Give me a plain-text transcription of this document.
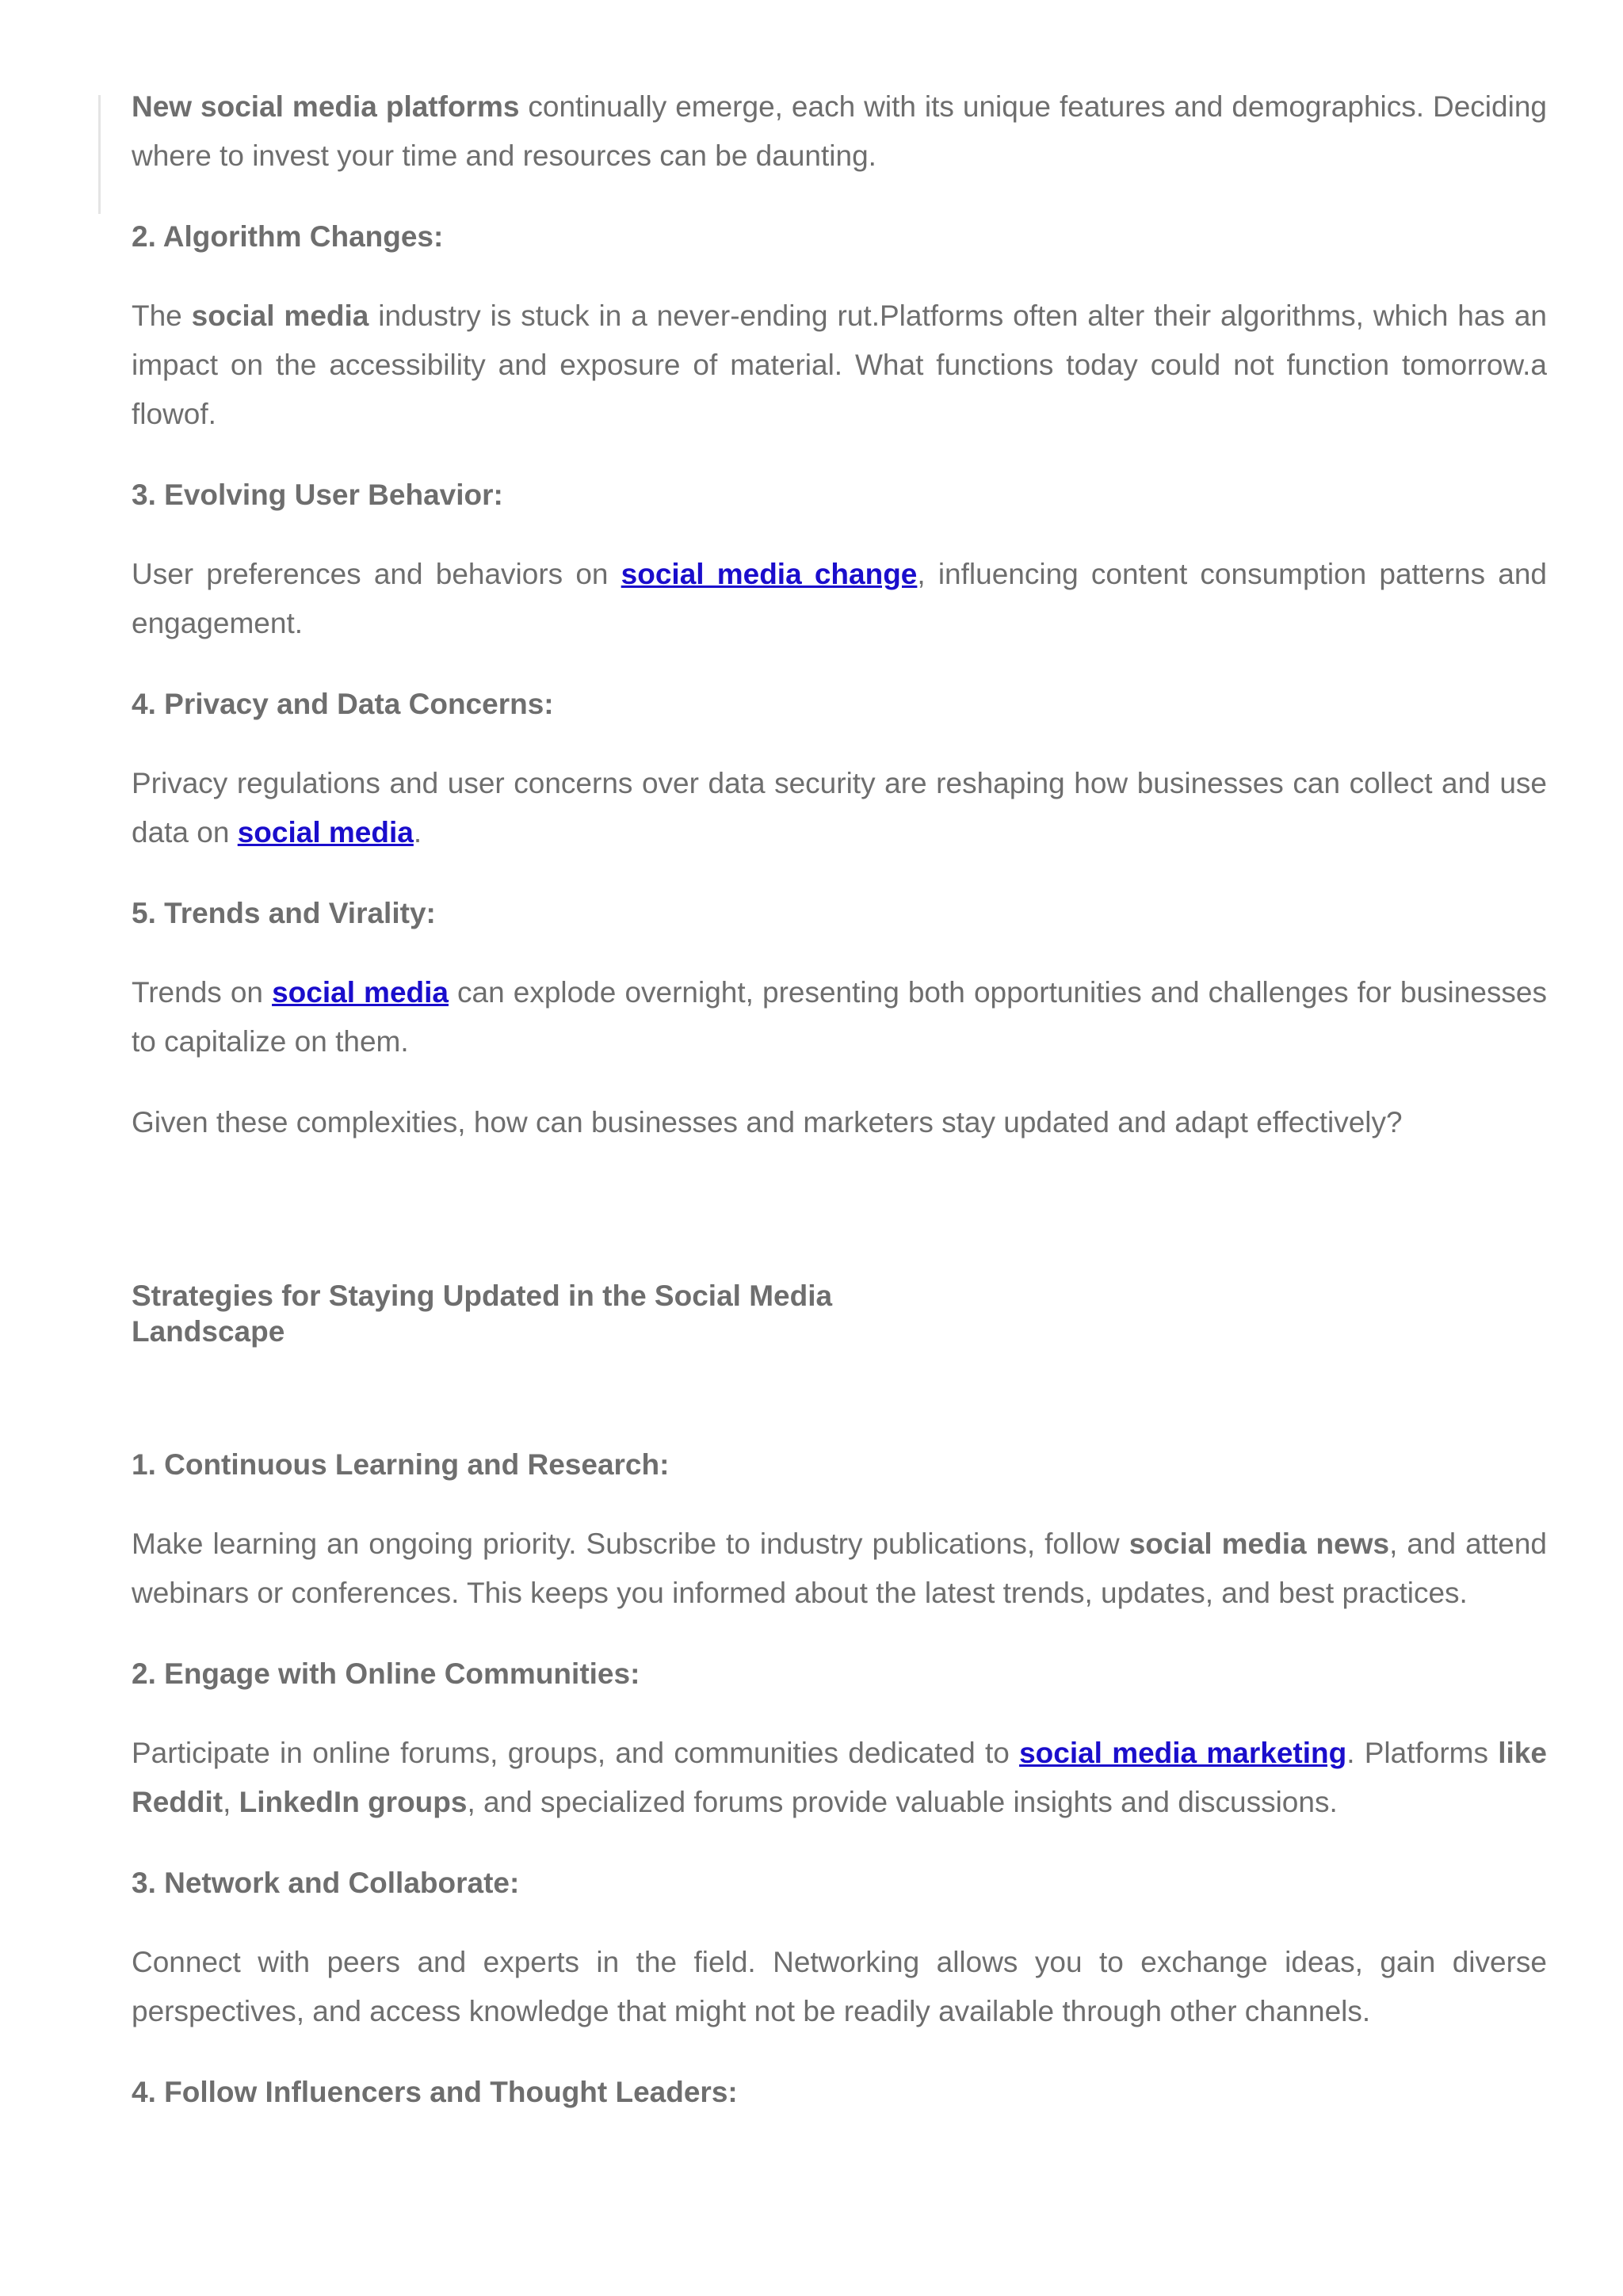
New social media platforms continually emerge, each with its unique features and demographics. Deciding where to invest your time and resources can be daunting.

2. Algorithm Changes:

The social media industry is stuck in a never-ending rut.Platforms often alter their algorithms, which has an impact on the accessibility and exposure of material. What functions today could not function tomorrow.a ﬂowof.

3. Evolving User Behavior:

User preferences and behaviors on social media change, inﬂuencing content consumption patterns and engagement.

4. Privacy and Data Concerns:

Privacy regulations and user concerns over data security are reshaping how businesses can collect and use data on social media.

5. Trends and Virality:

Trends on social media can explode overnight, presenting both opportunities and challenges for businesses to capitalize on them.

Given these complexities, how can businesses and marketers stay updated and adapt effectively?

Strategies for Staying Updated in the Social Media Landscape
1. Continuous Learning and Research:

Make learning an ongoing priority. Subscribe to industry publications, follow social media news, and attend webinars or conferences. This keeps you informed about the latest trends, updates, and best practices.

2. Engage with Online Communities:

Participate in online forums, groups, and communities dedicated to social media marketing. Platforms like Reddit, LinkedIn groups, and specialized forums provide valuable insights and discussions.

3. Network and Collaborate:

Connect with peers and experts in the ﬁeld. Networking allows you to exchange ideas, gain diverse perspectives, and access knowledge that might not be readily available through other channels.

4. Follow Inﬂuencers and Thought Leaders:
